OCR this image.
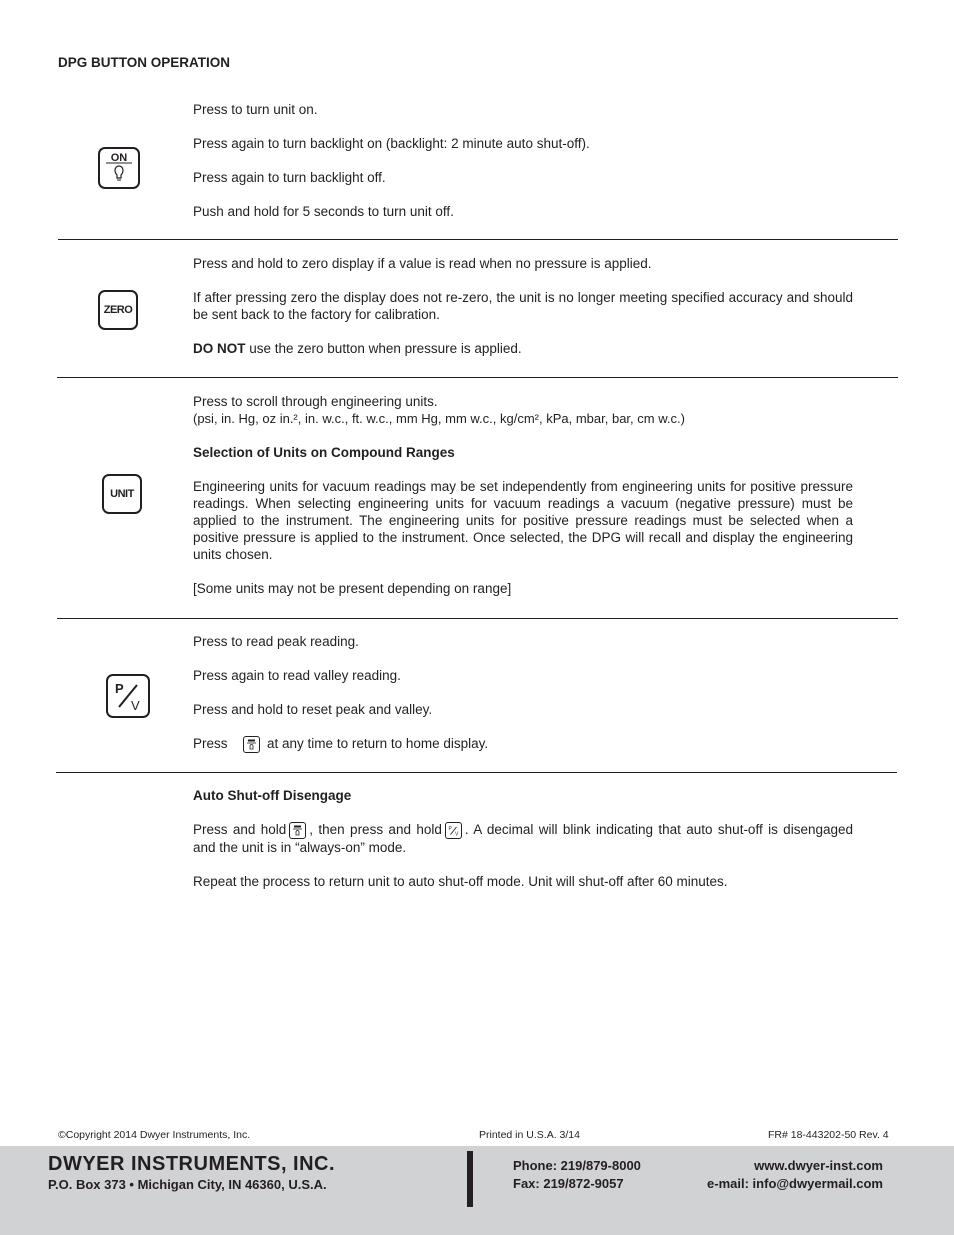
DPG BUTTON OPERATION
ON

Press to turn unit on.

Press again to turn backlight on (backlight: 2 minute auto shut-off).

Press again to turn backlight off.

Push and hold for 5 seconds to turn unit off.

ZERO

Press and hold to zero display if a value is read when no pressure is applied.

If after pressing zero the display does not re-zero, the unit is no longer meeting specified accuracy and should be sent back to the factory for calibration.

DO NOT use the zero button when pressure is applied.

UNIT

Press to scroll through engineering units.
(psi, in. Hg, oz in.², in. w.c., ft. w.c., mm Hg, mm w.c., kg/cm², kPa, mbar, bar, cm w.c.)

Selection of Units on Compound Ranges

Engineering units for vacuum readings may be set independently from engineering units for positive pressure readings. When selecting engineering units for vacuum readings a vacuum (negative pressure) must be applied to the instrument. The engineering units for positive pressure readings must be selected when a positive pressure is applied to the instrument. Once selected, the DPG will recall and display the engineering units chosen.

[Some units may not be present depending on range]

P
V

Press to read peak reading.

Press again to read valley reading.

Press and hold to reset peak and valley.

Press	at any time to return to home display.

Auto Shut-off Disengage

Press and hold , then press and hold P
V . A decimal will blink indicating that auto shut-off is disengaged and the unit is in “always-on” mode.

Repeat the process to return unit to auto shut-off mode. Unit will shut-off after 60 minutes.

©Copyright 2014 Dwyer Instruments, Inc.	Printed in U.S.A. 3/14	FR# 18-443202-50 Rev. 4
DWYER INSTRUMENTS, INC.
P.O. Box 373 • Michigan City, IN 46360, U.S.A.
Phone: 219/879-8000
Fax: 219/872-9057
www.dwyer-inst.com
e-mail: info@dwyermail.com
